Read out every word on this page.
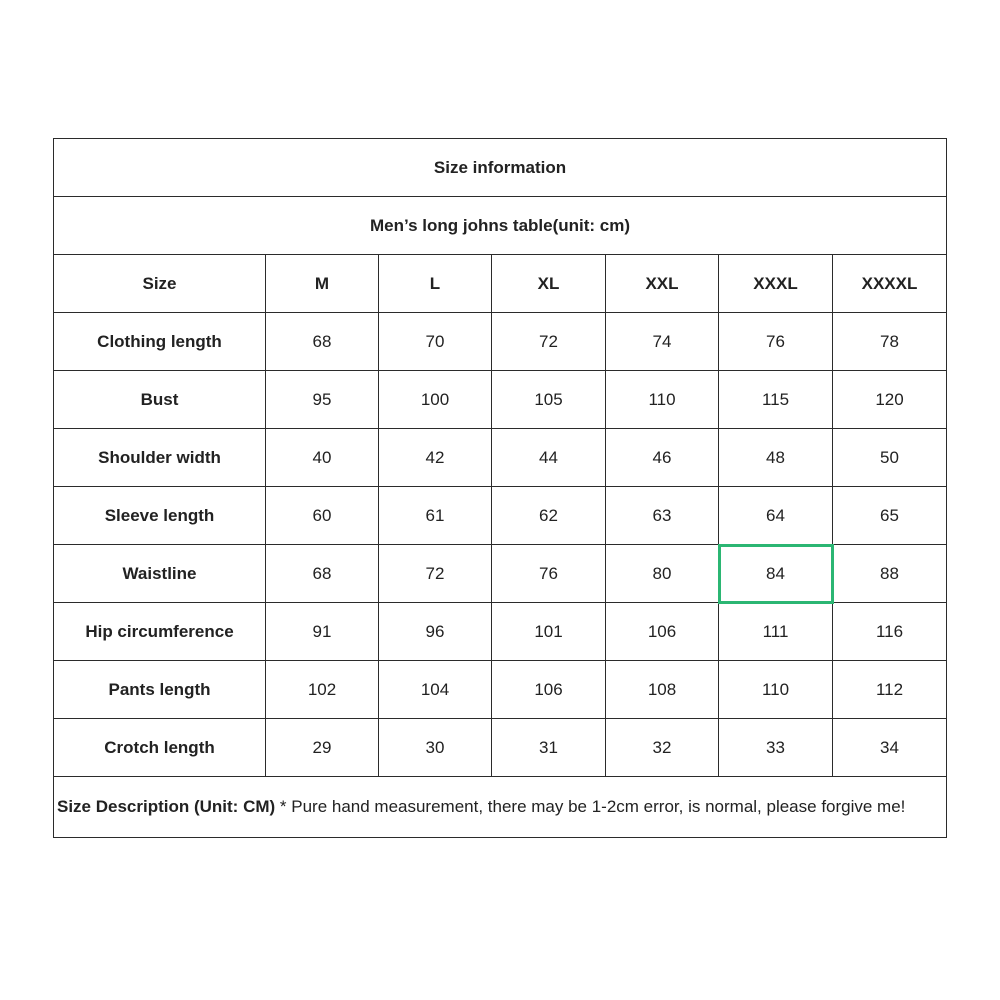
Size information						
Men’s long johns table(unit: cm)						
Size	M	L	XL	XXL	XXXL	XXXXL
Clothing length	68	70	72	74	76	78
Bust	95	100	105	110	115	120
Shoulder width	40	42	44	46	48	50
Sleeve length	60	61	62	63	64	65
Waistline	68	72	76	80	84	88
Hip circumference	91	96	101	106	111	116
Pants length	102	104	106	108	110	112
Crotch length	29	30	31	32	33	34
Size Description (Unit: CM) * Pure hand measurement, there may be 1-2cm error, is normal, please forgive me!						
